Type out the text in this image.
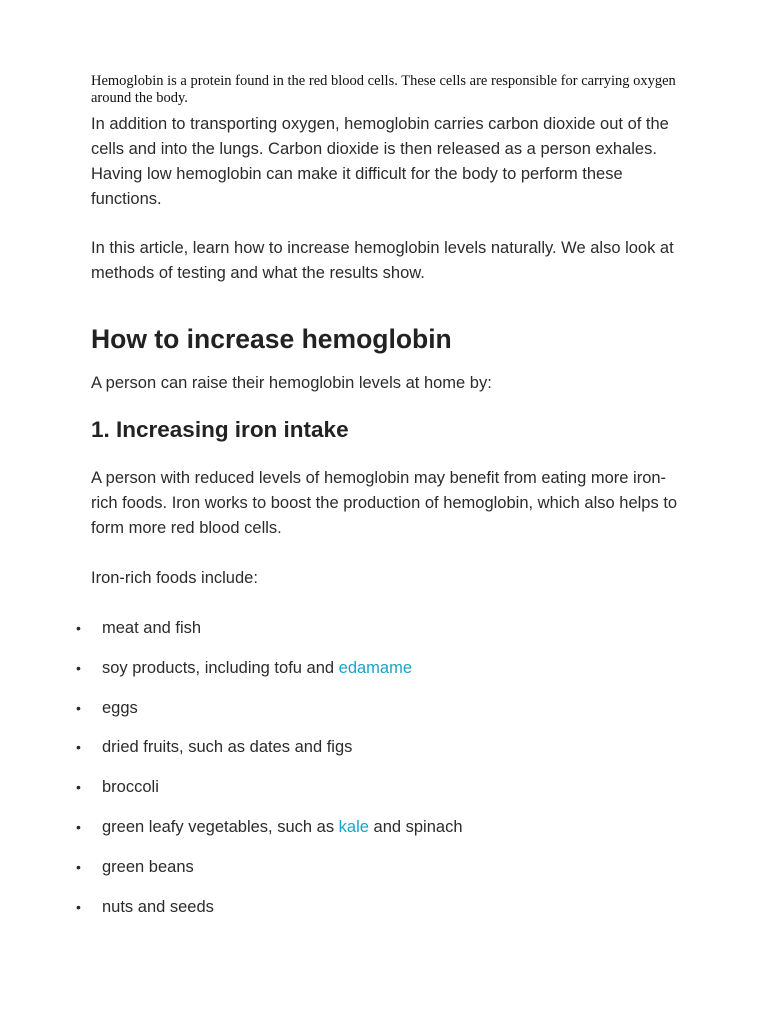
Hemoglobin is a protein found in the red blood cells. These cells are responsible for carrying oxygen around the body.

In addition to transporting oxygen, hemoglobin carries carbon dioxide out of the cells and into the lungs. Carbon dioxide is then released as a person exhales. Having low hemoglobin can make it difficult for the body to perform these functions.

In this article, learn how to increase hemoglobin levels naturally. We also look at methods of testing and what the results show.

How to increase hemoglobin

A person can raise their hemoglobin levels at home by:

1. Increasing iron intake

A person with reduced levels of hemoglobin may benefit from eating more iron-rich foods. Iron works to boost the production of hemoglobin, which also helps to form more red blood cells.

Iron-rich foods include:

• meat and fish
• soy products, including tofu and edamame
• eggs
• dried fruits, such as dates and figs
• broccoli
• green leafy vegetables, such as kale and spinach
• green beans
• nuts and seeds
